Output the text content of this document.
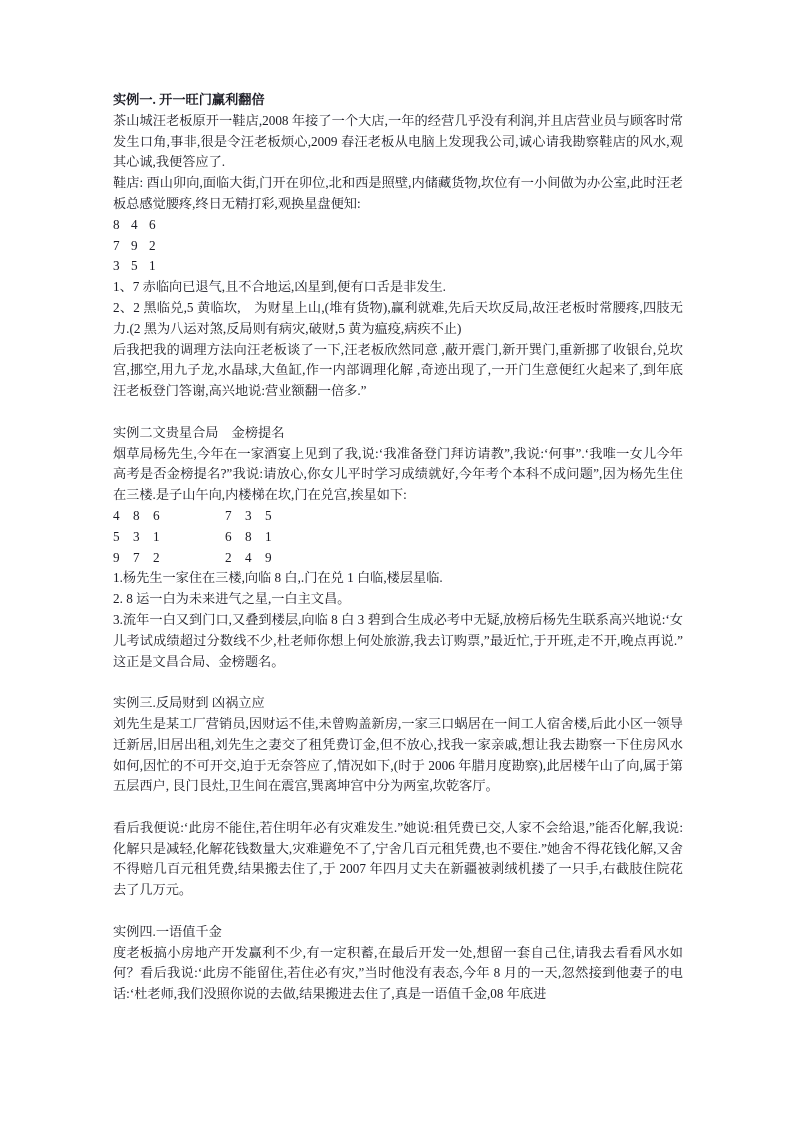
实例一. 开一旺门赢利翻倍

茶山城汪老板原开一鞋店,2008 年接了一个大店,一年的经营几乎没有利润,并且店营业员与顾客时常发生口角,事非,很是令汪老板烦心,2009 春汪老板从电脑上发现我公司,诚心请我勘察鞋店的风水,观其心诚,我便答应了.

鞋店: 酉山卯向,面临大街,门开在卯位,北和西是照壁,内储藏货物,坎位有一小间做为办公室,此时汪老板总感觉腰疼,终日无精打彩,观换星盘便知:

8 4 6
7 9 2
3 5 1

1、7 赤临向已退气,且不合地运,凶星到,便有口舌是非发生.

2、2 黑临兑,5 黄临坎,　为财星上山,(堆有货物),赢利就难,先后天坎反局,故汪老板时常腰疼,四肢无力.(2 黑为八运对煞,反局则有病灾,破财,5 黄为瘟疫,病疾不止)

后我把我的调理方法向汪老板谈了一下,汪老板欣然同意 ,蔽开震门,新开巽门,重新挪了收银台,兑坎宫,挪空,用九子龙,水晶球,大鱼缸,作一内部调理化解 ,奇迹出现了,一开门生意便红火起来了,到年底汪老板登门答谢,高兴地说:营业额翻一倍多.”

实例二文贵星合局　金榜提名

烟草局杨先生,今年在一家酒宴上见到了我,说:‘我准备登门拜访请教”,我说:‘何事”.‘我唯一女儿今年高考是否金榜提名?”我说:请放心,你女儿平时学习成绩就好,今年考个本科不成问题”,因为杨先生住在三楼.是子山午向,内楼梯在坎,门在兑宫,挨星如下:

4 8 6	7 3 5
5 3 1	6 8 1
9 7 2	2 4 9

1.杨先生一家住在三楼,向临 8 白,.门在兑 1 白临,楼层星临.

2. 8 运一白为未来进气之星,一白主文昌。

3.流年一白又到门口,又叠到楼层,向临 8 白 3 碧到合生成必考中无疑,放榜后杨先生联系高兴地说:‘女儿考试成绩超过分数线不少,杜老师你想上何处旅游,我去订购票,”最近忙,于开班,走不开,晚点再说.” 这正是文昌合局、金榜题名。

实例三.反局财到 凶祸立应

刘先生是某工厂营销员,因财运不佳,未曾购盖新房,一家三口蜗居在一间工人宿舍楼,后此小区一领导迁新居,旧居出租,刘先生之妻交了租凭费订金,但不放心,找我一家亲戚,想让我去勘察一下住房风水如何,因忙的不可开交,迫于无奈答应了,情况如下,(时于 2006 年腊月度勘察),此居楼午山了向,属于第五层西户, 艮门艮灶,卫生间在震宫,巽离坤宫中分为两室,坎乾客厅。

看后我便说:‘此房不能住,若住明年必有灾难发生.”她说:租凭费已交,人家不会给退,”能否化解,我说:化解只是减轻,化解花钱数量大,灾难避免不了,宁舍几百元租凭费,也不要住.”她舍不得花钱化解,又舍不得赔几百元租凭费,结果搬去住了,于 2007 年四月丈夫在新疆被剥绒机搂了一只手,右截肢住院花去了几万元。

实例四.一语值千金

度老板搞小房地产开发赢利不少,有一定积蓄,在最后开发一处,想留一套自己住,请我去看看风水如何？看后我说:‘此房不能留住,若住必有灾,”当时他没有表态,今年 8 月的一天,忽然接到他妻子的电话:‘杜老师,我们没照你说的去做,结果搬进去住了,真是一语值千金,08 年底进
